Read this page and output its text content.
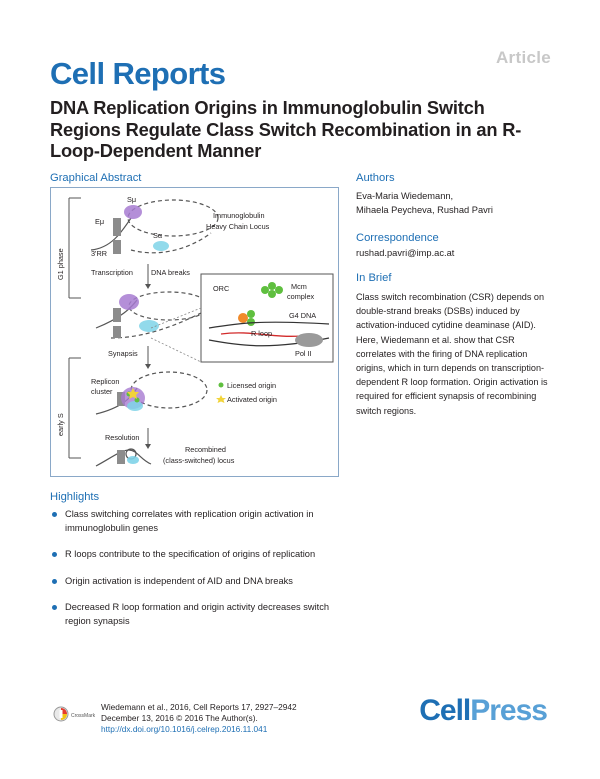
Article
Cell Reports
DNA Replication Origins in Immunoglobulin Switch Regions Regulate Class Switch Recombination in an R-Loop-Dependent Manner
Graphical Abstract
G1 phase
early S
Eμ
Sμ
Sα
3'RR
Immunoglobulin
Heavy Chain Locus
Transcription DNA breaks
ORC	Mcm
complex
G4 DNA
R loop
Pol II
Synapsis
Replicon
cluster
Licensed origin
Activated origin
Resolution
Recombined
(class-switched) locus
Authors
Eva-Maria Wiedemann,
Mihaela Peycheva, Rushad Pavri
Correspondence
rushad.pavri@imp.ac.at
In Brief
Class switch recombination (CSR) depends on double-strand breaks (DSBs) induced by activation-induced cytidine deaminase (AID). Here, Wiedemann et al. show that CSR correlates with the firing of DNA replication origins, which in turn depends on transcription-dependent R loop formation. Origin activation is required for efficient synapsis of recombining switch regions.
Highlights
Class switching correlates with replication origin activation in immunoglobulin genes
R loops contribute to the specification of origins of replication
Origin activation is independent of AID and DNA breaks
Decreased R loop formation and origin activity decreases switch region synapsis
CrossMark
Wiedemann et al., 2016, Cell Reports 17, 2927–2942
December 13, 2016 © 2016 The Author(s).
http://dx.doi.org/10.1016/j.celrep.2016.11.041
CellPress
